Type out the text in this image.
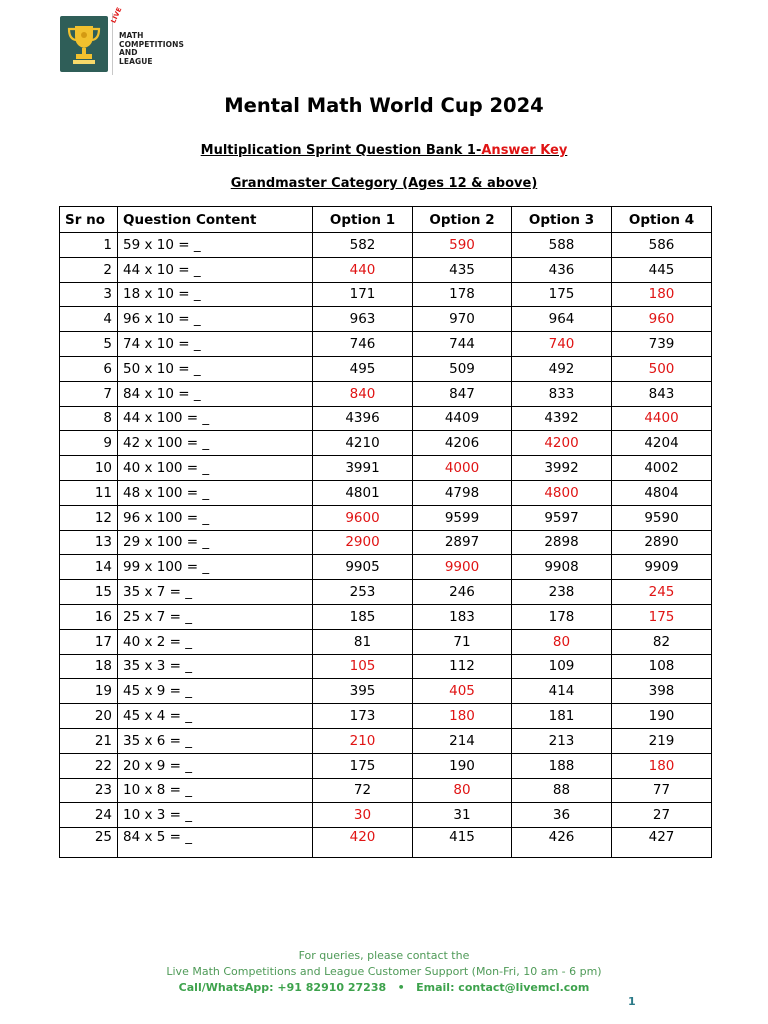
LIVE
MATH
COMPETITIONS
AND
LEAGUE
Mental Math World Cup 2024
Multiplication Sprint Question Bank 1-Answer Key
Grandmaster Category (Ages 12 & above)
Sr no	Question Content	Option 1	Option 2	Option 3	Option 4
1	59 x 10 = _	582	590	588	586
2	44 x 10 = _	440	435	436	445
3	18 x 10 = _	171	178	175	180
4	96 x 10 = _	963	970	964	960
5	74 x 10 = _	746	744	740	739
6	50 x 10 = _	495	509	492	500
7	84 x 10 = _	840	847	833	843
8	44 x 100 = _	4396	4409	4392	4400
9	42 x 100 = _	4210	4206	4200	4204
10	40 x 100 = _	3991	4000	3992	4002
11	48 x 100 = _	4801	4798	4800	4804
12	96 x 100 = _	9600	9599	9597	9590
13	29 x 100 = _	2900	2897	2898	2890
14	99 x 100 = _	9905	9900	9908	9909
15	35 x 7 = _	253	246	238	245
16	25 x 7 = _	185	183	178	175
17	40 x 2 = _	81	71	80	82
18	35 x 3 = _	105	112	109	108
19	45 x 9 = _	395	405	414	398
20	45 x 4 = _	173	180	181	190
21	35 x 6 = _	210	214	213	219
22	20 x 9 = _	175	190	188	180
23	10 x 8 = _	72	80	88	77
24	10 x 3 = _	30	31	36	27
25	84 x 5 = _	420	415	426	427
For queries, please contact the
Live Math Competitions and League Customer Support (Mon-Fri, 10 am - 6 pm)
Call/WhatsApp: +91 82910 27238   •   Email: contact@livemcl.com
1
